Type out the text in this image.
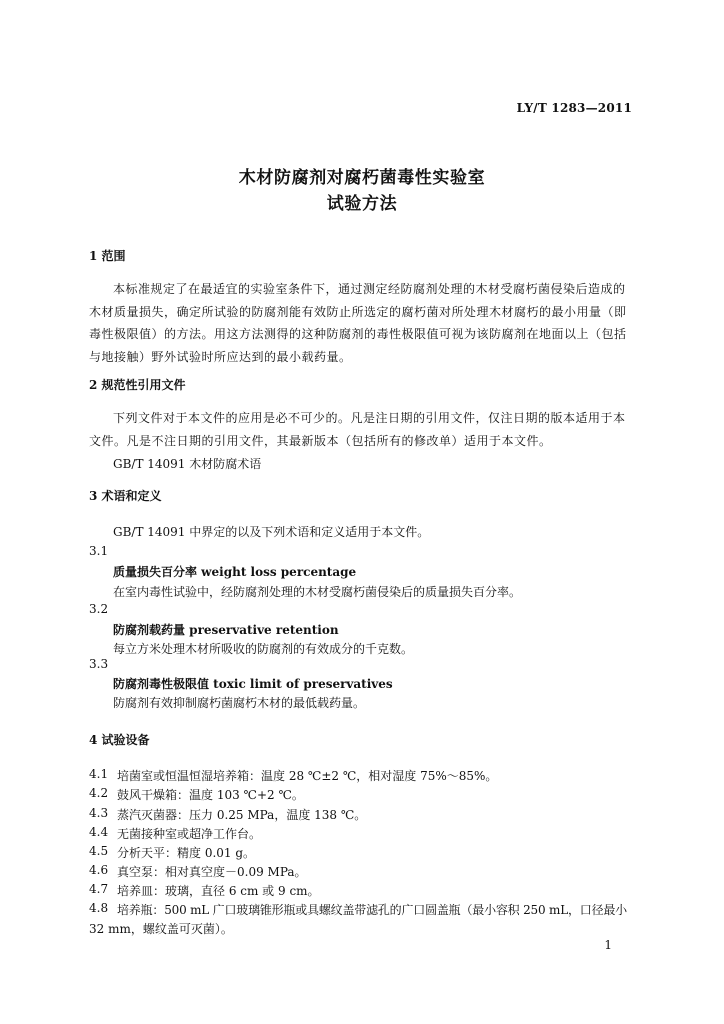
LY/T 1283—2011
木材防腐剂对腐朽菌毒性实验室
试验方法
1 范围
本标准规定了在最适宜的实验室条件下，通过测定经防腐剂处理的木材受腐朽菌侵染后造成的木材质量损失，确定所试验的防腐剂能有效防止所选定的腐朽菌对所处理木材腐朽的最小用量（即毒性极限值）的方法。用这方法测得的这种防腐剂的毒性极限值可视为该防腐剂在地面以上（包括与地接触）野外试验时所应达到的最小载药量。
2 规范性引用文件
下列文件对于本文件的应用是必不可少的。凡是注日期的引用文件，仅注日期的版本适用于本文件。凡是不注日期的引用文件，其最新版本（包括所有的修改单）适用于本文件。
GB/T 14091 木材防腐术语
3 术语和定义
GB/T 14091 中界定的以及下列术语和定义适用于本文件。
3.1
质量损失百分率 weight loss percentage
在室内毒性试验中，经防腐剂处理的木材受腐朽菌侵染后的质量损失百分率。
3.2
防腐剂载药量 preservative retention
每立方米处理木材所吸收的防腐剂的有效成分的千克数。
3.3
防腐剂毒性极限值 toxic limit of preservatives
防腐剂有效抑制腐朽菌腐朽木材的最低载药量。
4 试验设备
4.1 培菌室或恒温恒湿培养箱：温度 28 ℃±2 ℃，相对湿度 75%～85%。
4.2 鼓风干燥箱：温度 103 ℃+2 ℃。
4.3 蒸汽灭菌器：压力 0.25 MPa，温度 138 ℃。
4.4 无菌接种室或超净工作台。
4.5 分析天平：精度 0.01 g。
4.6 真空泵：相对真空度－0.09 MPa。
4.7 培养皿：玻璃，直径 6 cm 或 9 cm。
4.8 培养瓶：500 mL 广口玻璃锥形瓶或具螺纹盖带滤孔的广口圆盖瓶（最小容积 250 mL，口径最小
32 mm，螺纹盖可灭菌）。
1
